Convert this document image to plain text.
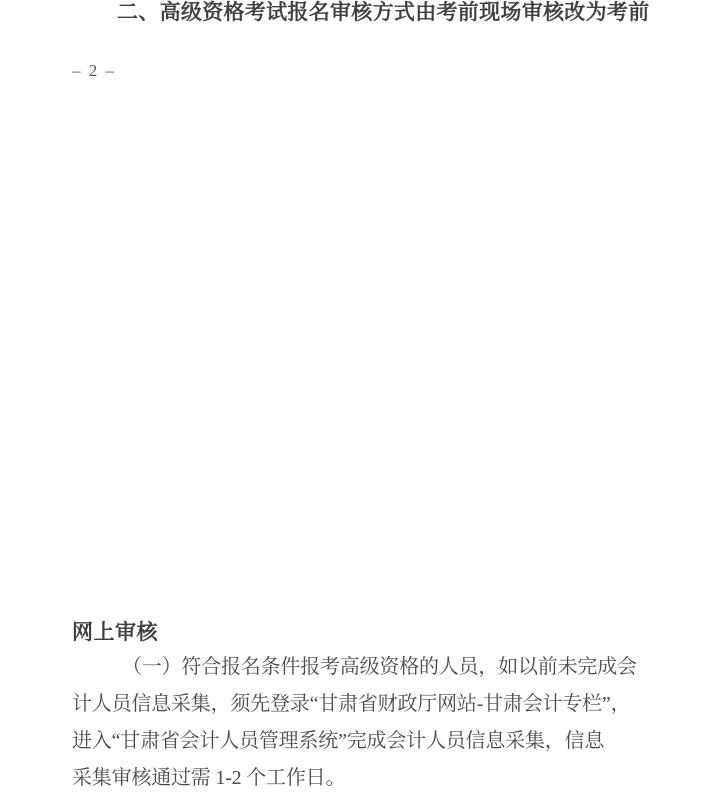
二、高级资格考试报名审核方式由考前现场审核改为考前
– 2 –
网上审核
（一）符合报名条件报考高级资格的人员，如以前未完成会
计人员信息采集，须先登录“甘肃省财政厅网站-甘肃会计专栏”，
进入“甘肃省会计人员管理系统”完成会计人员信息采集，信息
采集审核通过需 1-2 个工作日。
